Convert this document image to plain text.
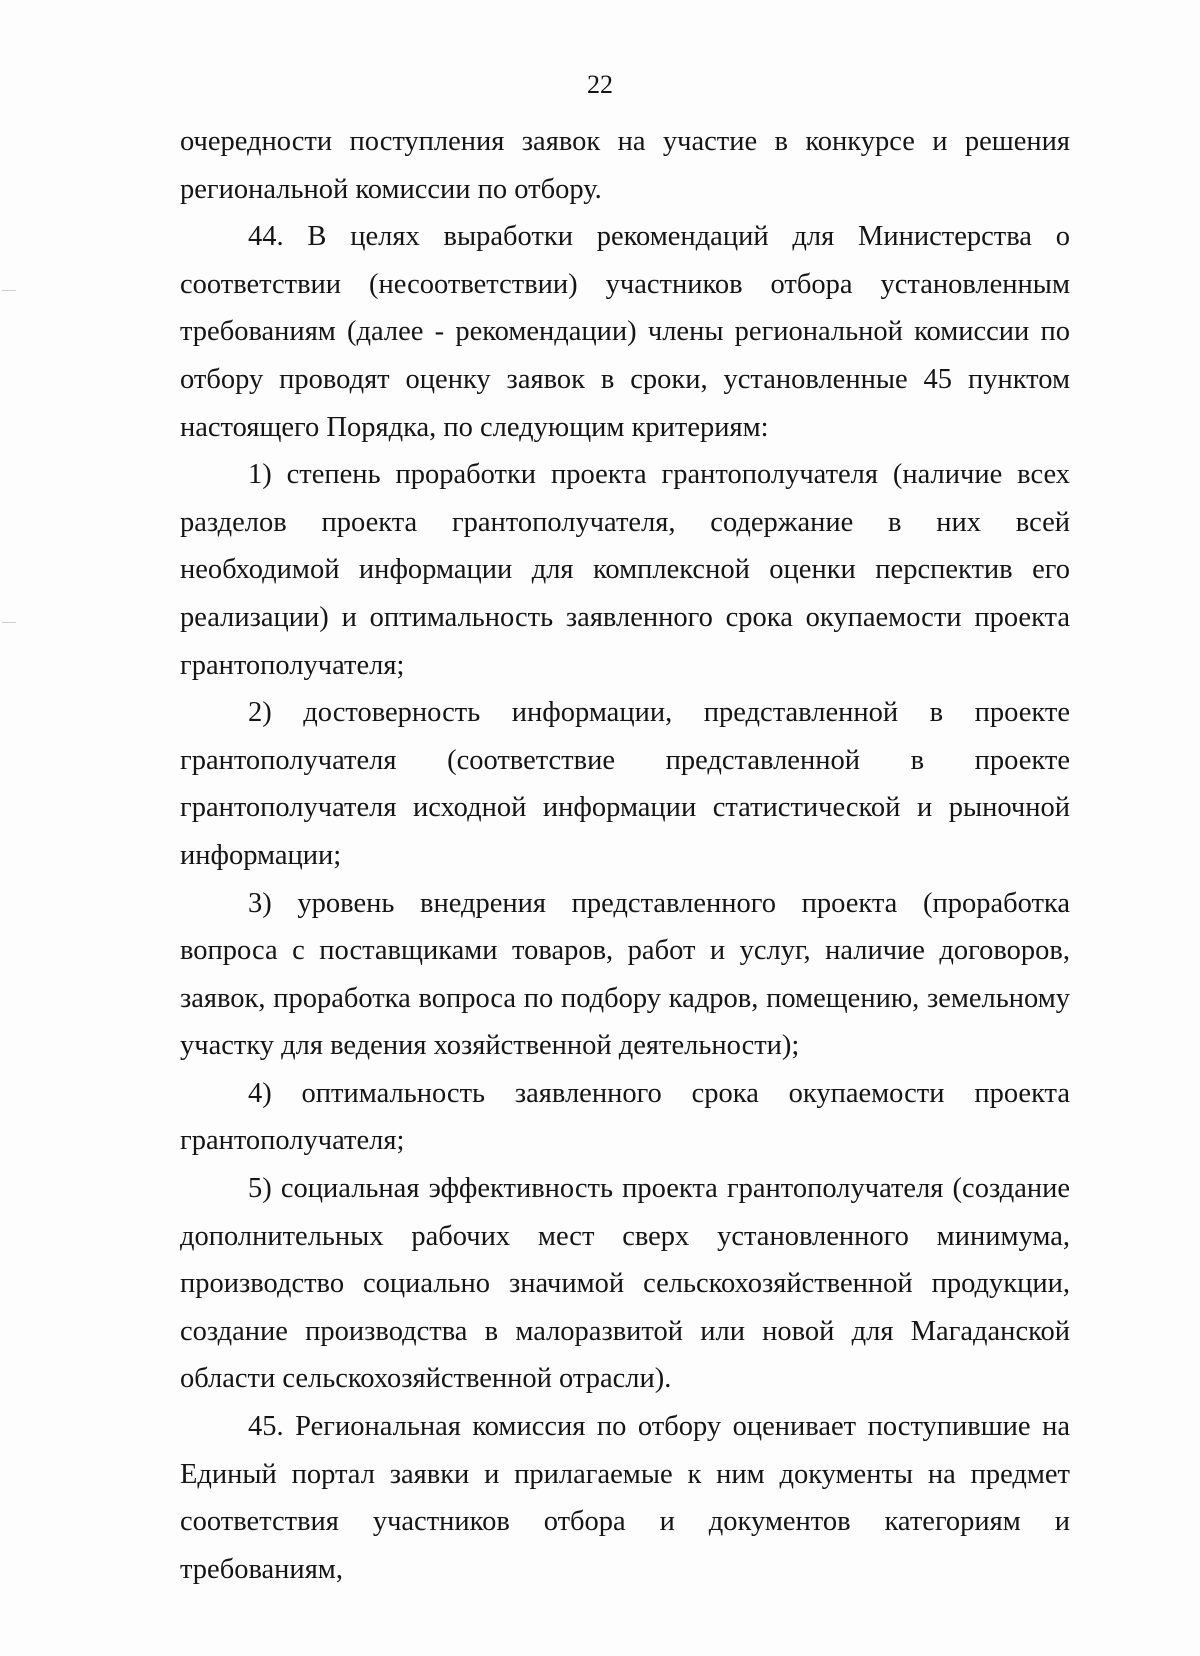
22

очередности поступления заявок на участие в конкурсе и решения региональной комиссии по отбору.

44. В целях выработки рекомендаций для Министерства о соответствии (несоответствии) участников отбора установленным требованиям (далее - рекомендации) члены региональной комиссии по отбору проводят оценку заявок в сроки, установленные 45 пунктом настоящего Порядка, по следующим критериям:

1) степень проработки проекта грантополучателя (наличие всех разделов проекта грантополучателя, содержание в них всей необходимой информации для комплексной оценки перспектив его реализации) и оптимальность заявленного срока окупаемости проекта грантополучателя;

2) достоверность информации, представленной в проекте грантополучателя (соответствие представленной в проекте грантополучателя исходной информации статистической и рыночной информации;

3) уровень внедрения представленного проекта (проработка вопроса с поставщиками товаров, работ и услуг, наличие договоров, заявок, проработка вопроса по подбору кадров, помещению, земельному участку для ведения хозяйственной деятельности);

4) оптимальность заявленного срока окупаемости проекта грантополучателя;

5) социальная эффективность проекта грантополучателя (создание дополнительных рабочих мест сверх установленного минимума, производство социально значимой сельскохозяйственной продукции, создание производства в малоразвитой или новой для Магаданской области сельскохозяйственной отрасли).

45. Региональная комиссия по отбору оценивает поступившие на Единый портал заявки и прилагаемые к ним документы на предмет соответствия участников отбора и документов категориям и требованиям,
